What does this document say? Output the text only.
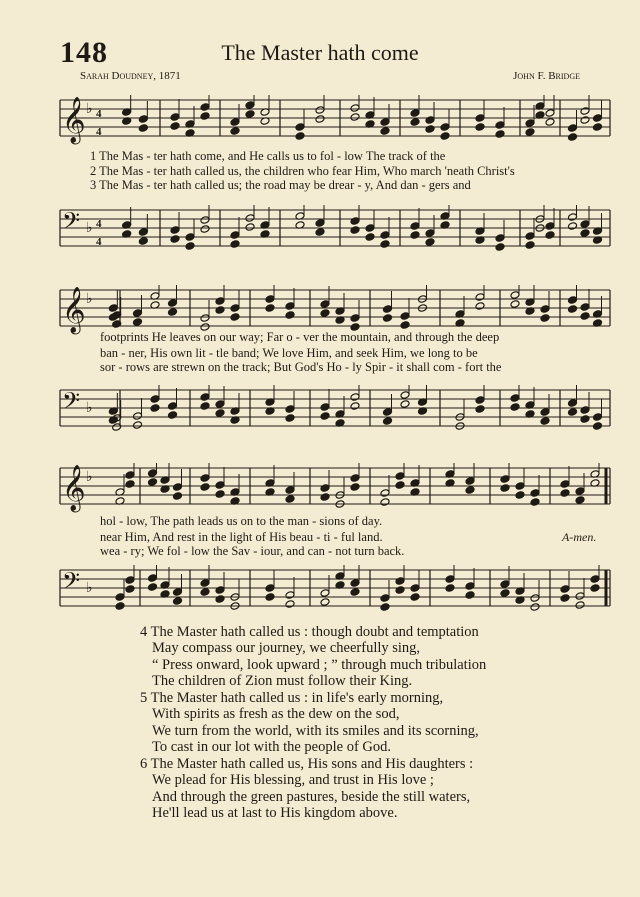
148	The Master hath come
Sarah Doudney, 1871	John F. Bridge
𝄞 ♭ 4
4
1 The Mas - ter hath come, and He calls us to fol - low The track of the
2 The Mas - ter hath called us, the children who fear Him, Who march 'neath Christ's
3 The Mas - ter hath called us; the road may be drear - y, And dan - gers and
𝄢 ♭ 4
4
𝄞 ♭
footprints He leaves on our way; Far o - ver the mountain, and through the deep
ban - ner, His own lit - tle band; We love Him, and seek Him, we long to be
sor - rows are strewn on the track; But God's Ho - ly Spir - it shall com - fort the
𝄢 ♭
𝄞 ♭
hol - low, The path leads us on to the man - sions of day.
near Him, And rest in the light of His beau - ti - ful land.
wea - ry; We fol - low the Sav - iour, and can - not turn back.
A-men.
𝄢 ♭
4 The Master hath called us : though doubt and temptation
May compass our journey, we cheerfully sing,
“ Press onward, look upward ; ” through much tribulation
The children of Zion must follow their King.
5 The Master hath called us : in life's early morning,
With spirits as fresh as the dew on the sod,
We turn from the world, with its smiles and its scorning,
To cast in our lot with the people of God.
6 The Master hath called us, His sons and His daughters :
We plead for His blessing, and trust in His love ;
And through the green pastures, beside the still waters,
He'll lead us at last to His kingdom above.
